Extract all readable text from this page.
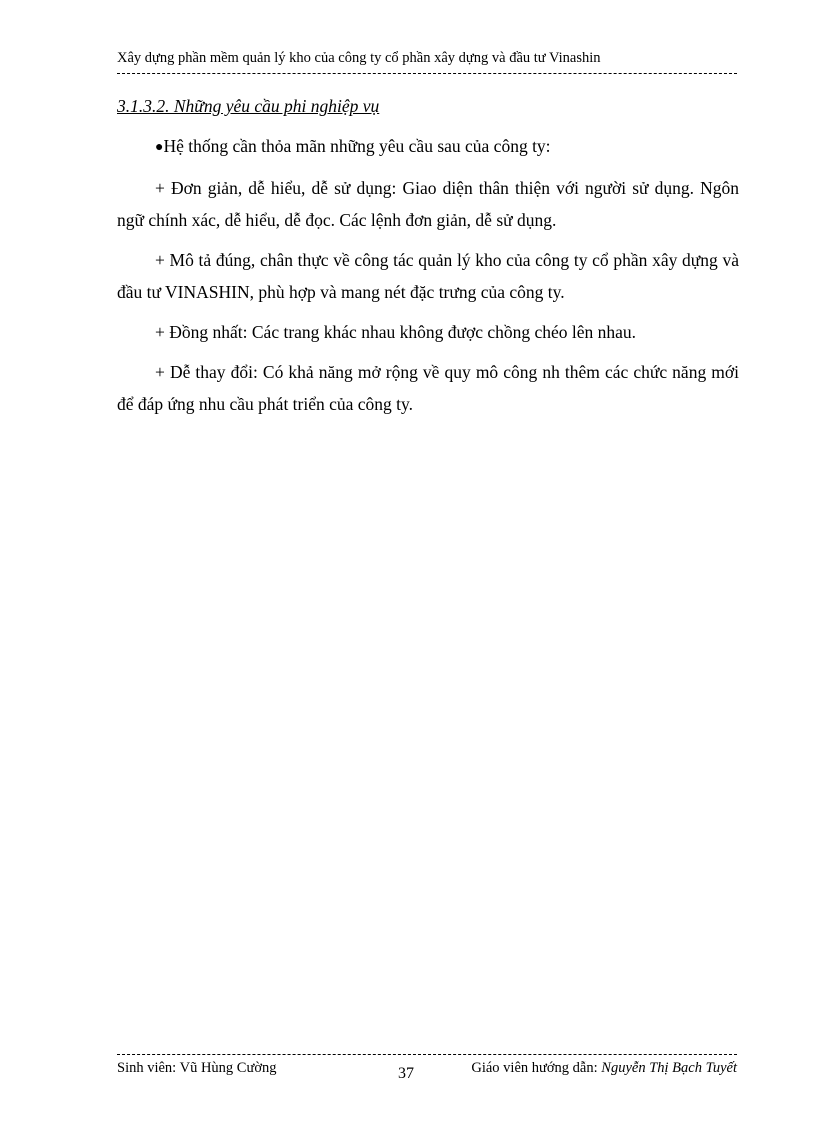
Xây dựng phần mềm quản lý kho của công ty cổ phần xây dựng và đầu tư Vinashin
3.1.3.2. Những yêu cầu phi nghiệp vụ

●Hệ thống cần thỏa mãn những yêu cầu sau của công ty:

+ Đơn giản, dễ hiểu, dễ sử dụng: Giao diện thân thiện với người sử dụng. Ngôn ngữ chính xác, dễ hiểu, dễ đọc. Các lệnh đơn giản, dễ sử dụng.

+ Mô tả đúng, chân thực về công tác quản lý kho của công ty cổ phần xây dựng và đầu tư VINASHIN, phù hợp và mang nét đặc trưng của công ty.

+ Đồng nhất: Các trang khác nhau không được chồng chéo lên nhau.

+ Dễ thay đổi: Có khả năng mở rộng về quy mô công nh thêm các chức năng mới để đáp ứng nhu cầu phát triển của công ty.

Sinh viên: Vũ Hùng Cường	37	Giáo viên hướng dẫn: Nguyễn Thị Bạch Tuyết
